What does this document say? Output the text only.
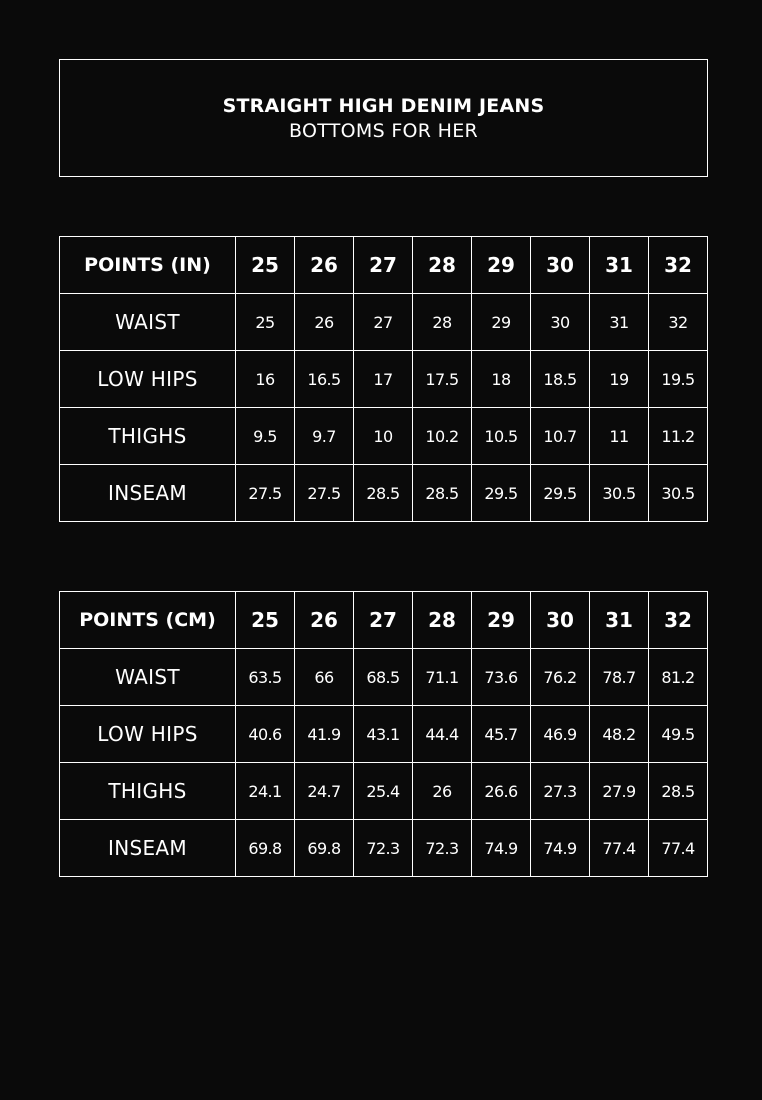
STRAIGHT HIGH DENIM JEANS
BOTTOMS FOR HER
POINTS (IN)	25	26	27	28	29	30	31	32
WAIST	25	26	27	28	29	30	31	32
LOW HIPS	16	16.5	17	17.5	18	18.5	19	19.5
THIGHS	9.5	9.7	10	10.2	10.5	10.7	11	11.2
INSEAM	27.5	27.5	28.5	28.5	29.5	29.5	30.5	30.5
POINTS (CM)	25	26	27	28	29	30	31	32
WAIST	63.5	66	68.5	71.1	73.6	76.2	78.7	81.2
LOW HIPS	40.6	41.9	43.1	44.4	45.7	46.9	48.2	49.5
THIGHS	24.1	24.7	25.4	26	26.6	27.3	27.9	28.5
INSEAM	69.8	69.8	72.3	72.3	74.9	74.9	77.4	77.4
